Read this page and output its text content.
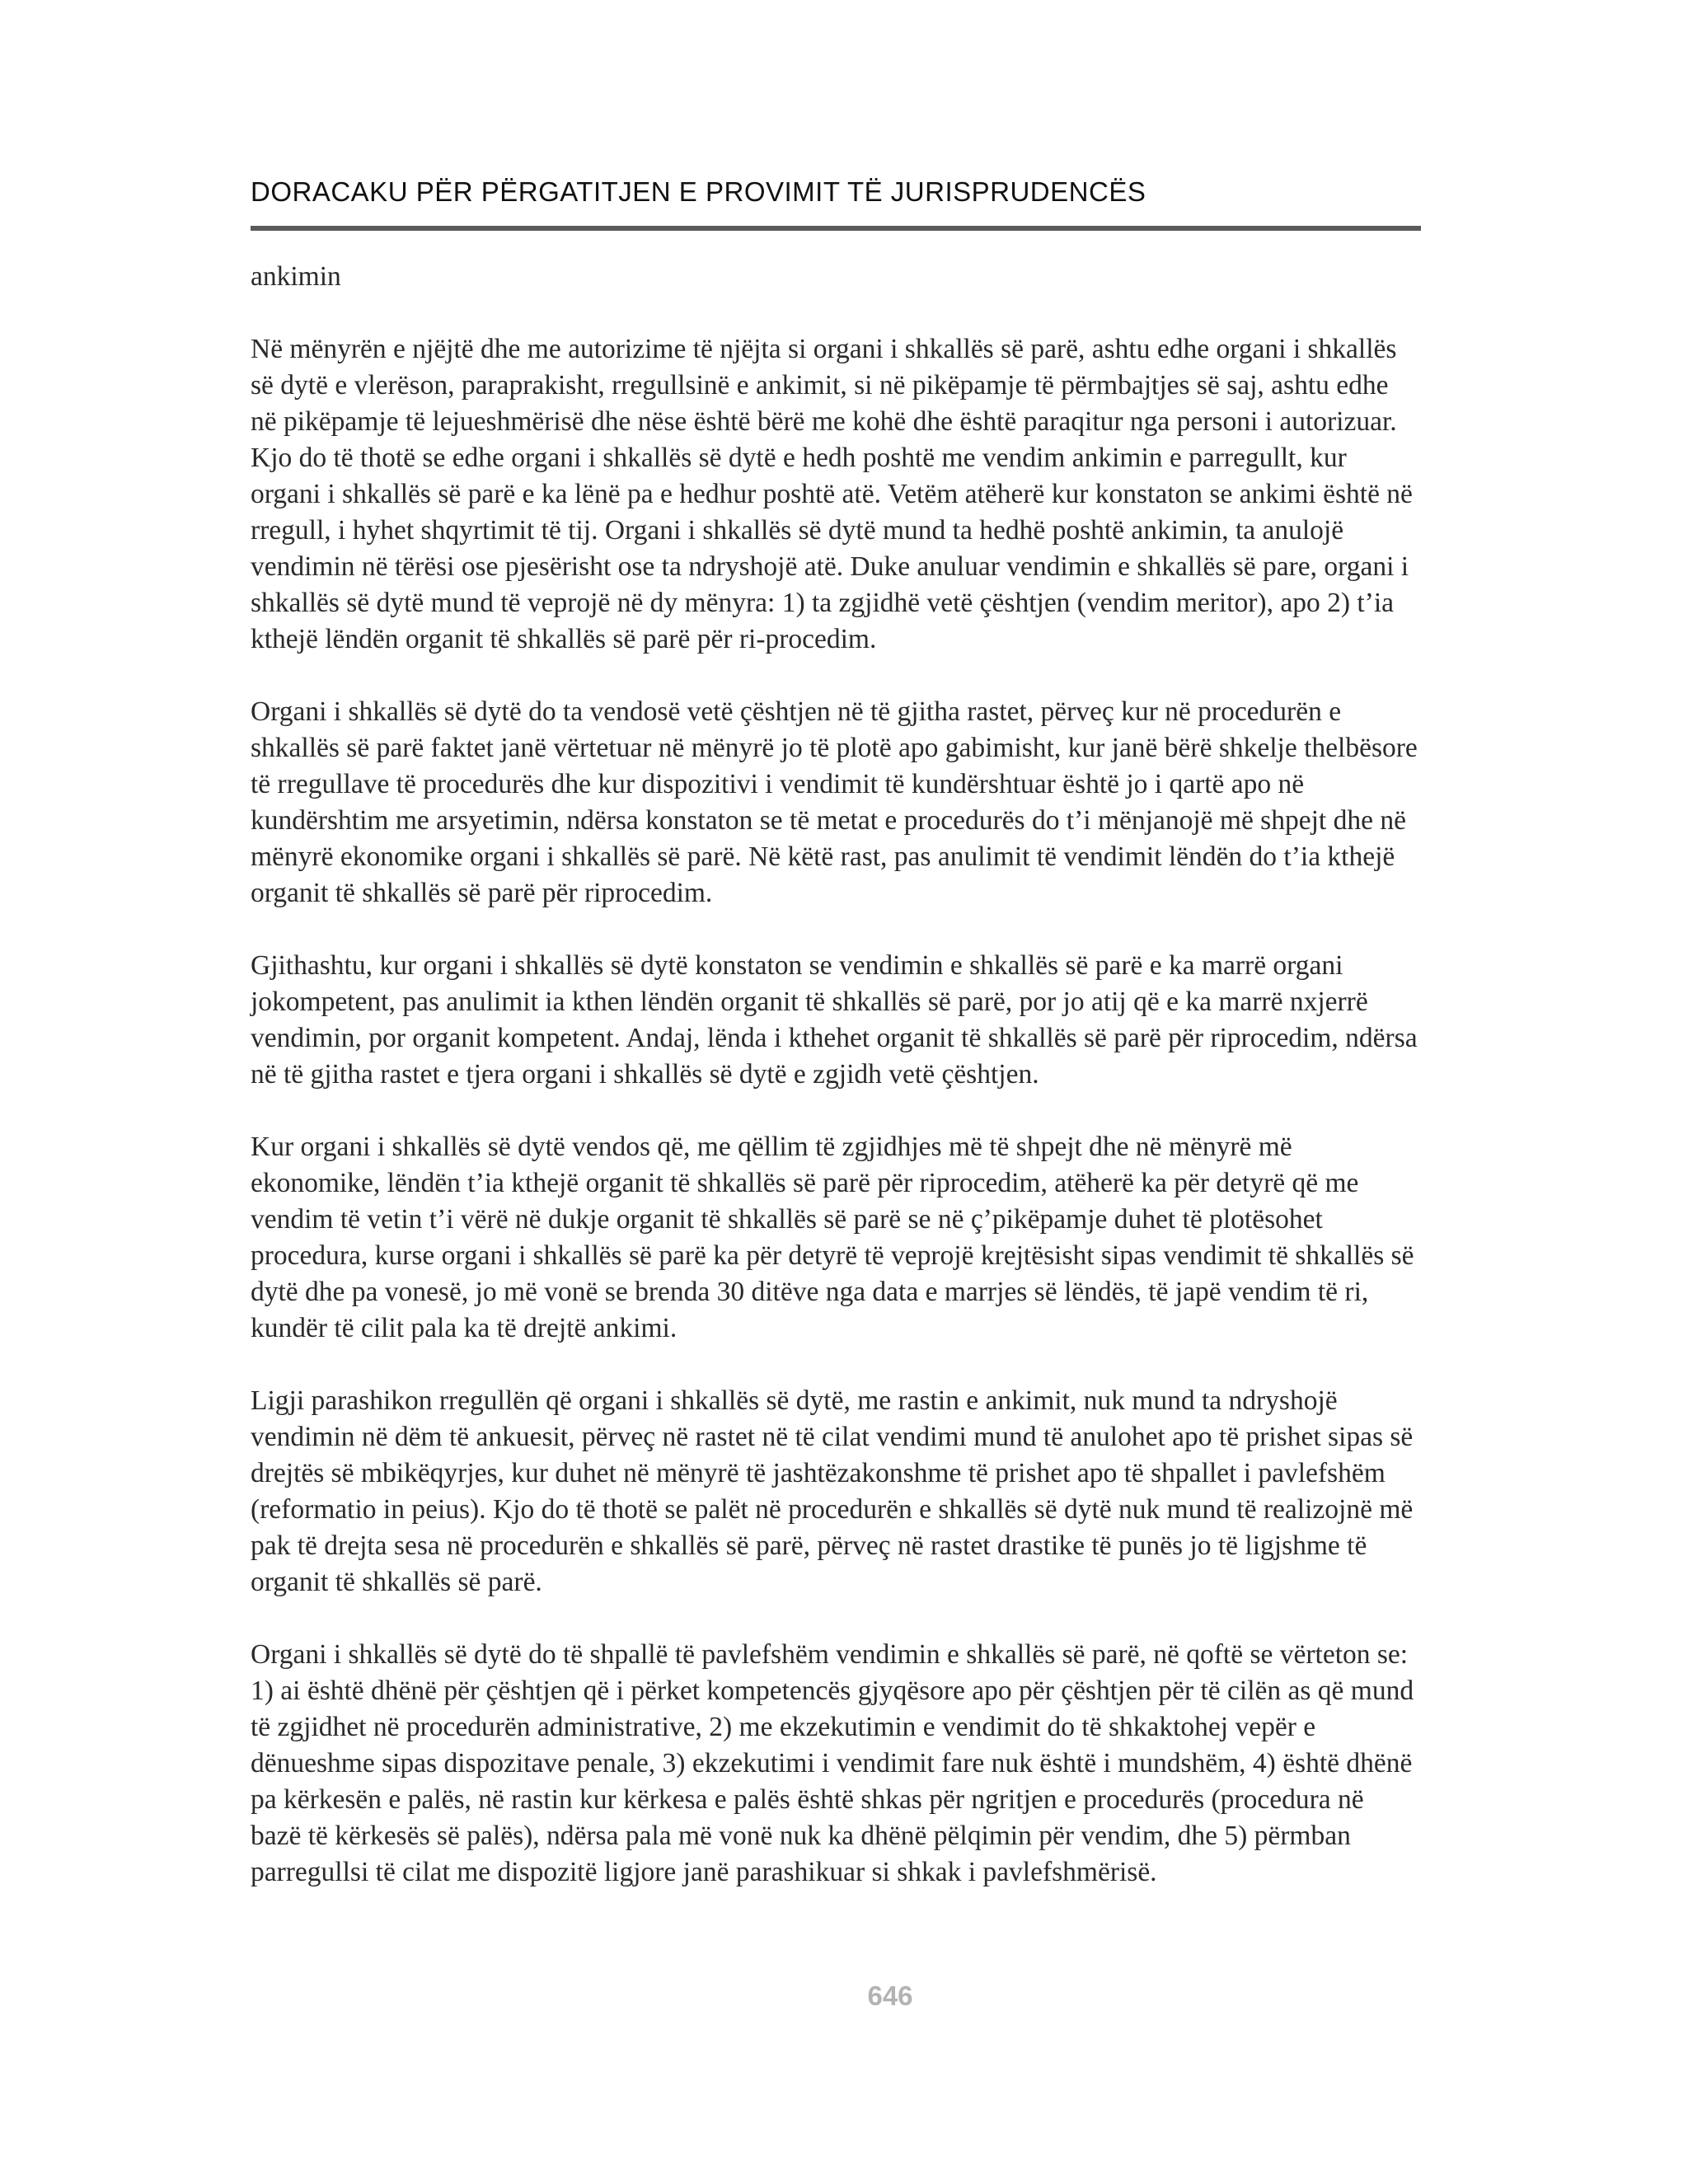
DORACAKU PËR PËRGATITJEN E PROVIMIT TË JURISPRUDENCËS

ankimin

Në mënyrën e njëjtë dhe me autorizime të njëjta si organi i shkallës së parë, ashtu edhe organi i shkallës së dytë e vlerëson, paraprakisht, rregullsinë e ankimit, si në pikëpamje të përmbajtjes së saj, ashtu edhe në pikëpamje të lejueshmërisë dhe nëse është bërë me kohë dhe është paraqitur nga personi i autorizuar. Kjo do të thotë se edhe organi i shkallës së dytë e hedh poshtë me vendim ankimin e parregullt, kur organi i shkallës së parë e ka lënë pa e hedhur poshtë atë. Vetëm atëherë kur konstaton se ankimi është në rregull, i hyhet shqyrtimit të tij. Organi i shkallës së dytë mund ta hedhë poshtë ankimin, ta anulojë vendimin në tërësi ose pjesërisht ose ta ndryshojë atë. Duke anuluar vendimin e shkallës së pare, organi i shkallës së dytë mund të veprojë në dy mënyra: 1) ta zgjidhë vetë çështjen (vendim meritor), apo 2) t’ia kthejë lëndën organit të shkallës së parë për ri-procedim.

Organi i shkallës së dytë do ta vendosë vetë çështjen në të gjitha rastet, përveç kur në procedurën e shkallës së parë faktet janë vërtetuar në mënyrë jo të plotë apo gabimisht, kur janë bërë shkelje thelbësore të rregullave të procedurës dhe kur dispozitivi i vendimit të kundërshtuar është jo i qartë apo në kundërshtim me arsyetimin, ndërsa konstaton se të metat e procedurës do t’i mënjanojë më shpejt dhe në mënyrë ekonomike organi i shkallës së parë. Në këtë rast, pas anulimit të vendimit lëndën do t’ia kthejë organit të shkallës së parë për riprocedim.

Gjithashtu, kur organi i shkallës së dytë konstaton se vendimin e shkallës së parë e ka marrë organi jokompetent, pas anulimit ia kthen lëndën organit të shkallës së parë, por jo atij që e ka marrë nxjerrë vendimin, por organit kompetent. Andaj, lënda i kthehet organit të shkallës së parë për riprocedim, ndërsa në të gjitha rastet e tjera organi i shkallës së dytë e zgjidh vetë çështjen.

Kur organi i shkallës së dytë vendos që, me qëllim të zgjidhjes më të shpejt dhe në mënyrë më ekonomike, lëndën t’ia kthejë organit të shkallës së parë për riprocedim, atëherë ka për detyrë që me vendim të vetin t’i vërë në dukje organit të shkallës së parë se në ç’pikëpamje duhet të plotësohet procedura, kurse organi i shkallës së parë ka për detyrë të veprojë krejtësisht sipas vendimit të shkallës së dytë dhe pa vonesë, jo më vonë se brenda 30 ditëve nga data e marrjes së lëndës, të japë vendim të ri, kundër të cilit pala ka të drejtë ankimi.

Ligji parashikon rregullën që organi i shkallës së dytë, me rastin e ankimit, nuk mund ta ndryshojë vendimin në dëm të ankuesit, përveç në rastet në të cilat vendimi mund të anulohet apo të prishet sipas së drejtës së mbikëqyrjes, kur duhet në mënyrë të jashtëzakonshme të prishet apo të shpallet i pavlefshëm (reformatio in peius). Kjo do të thotë se palët në procedurën e shkallës së dytë nuk mund të realizojnë më pak të drejta sesa në procedurën e shkallës së parë, përveç në rastet drastike të punës jo të ligjshme të organit të shkallës së parë.

Organi i shkallës së dytë do të shpallë të pavlefshëm vendimin e shkallës së parë, në qoftë se vërteton se: 1) ai është dhënë për çështjen që i përket kompetencës gjyqësore apo për çështjen për të cilën as që mund të zgjidhet në procedurën administrative, 2) me ekzekutimin e vendimit do të shkaktohej vepër e dënueshme sipas dispozitave penale, 3) ekzekutimi i vendimit fare nuk është i mundshëm, 4) është dhënë pa kërkesën e palës, në rastin kur kërkesa e palës është shkas për ngritjen e procedurës (procedura në bazë të kërkesës së palës), ndërsa pala më vonë nuk ka dhënë pëlqimin për vendim, dhe 5) përmban parregullsi të cilat me dispozitë ligjore janë parashikuar si shkak i pavlefshmërisë.

646
